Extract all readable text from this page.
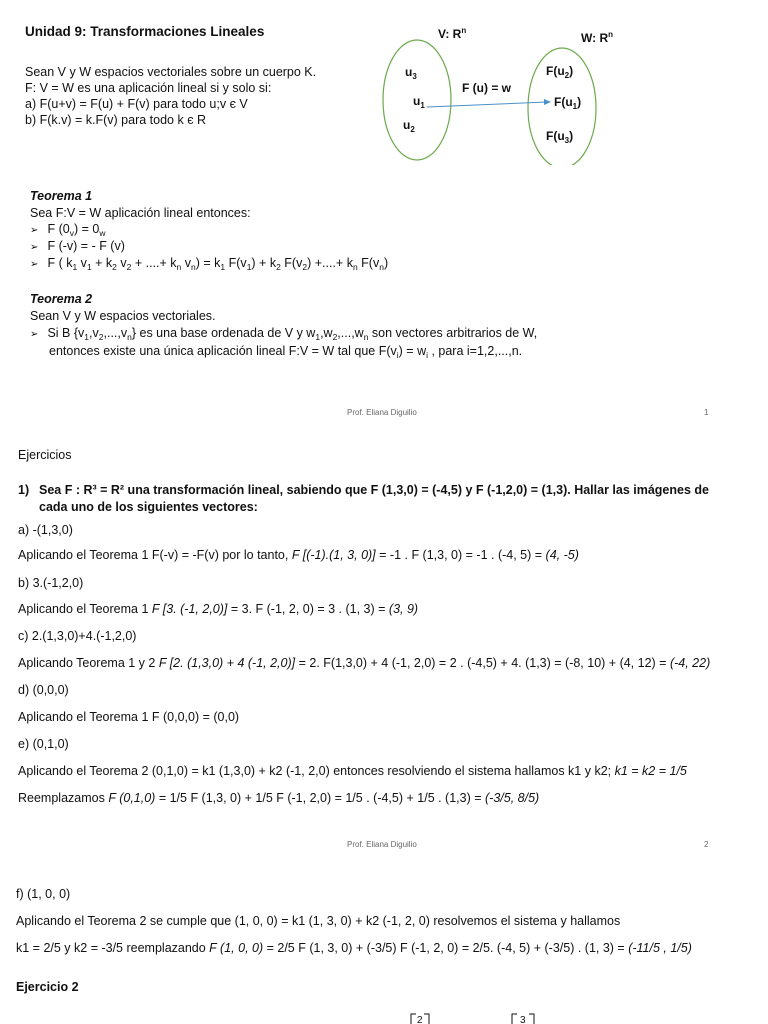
Unidad 9: Transformaciones Lineales
Sean V y W espacios vectoriales sobre un cuerpo K.
F: V = W es una aplicación lineal si y solo si:
a) F(u+v) = F(u) + F(v) para todo u;v є V
b) F(k.v) = k.F(v) para todo k є R
V: $R^n$
W: $R^n$
F (u) = w
$u_3$
$u_1$
$u_2$
$F(u_2)$
$F(u_1)$
$F(u_3)$
Teorema 1
Sea F:V = W aplicación lineal entonces:
➢ F $(0_v) = 0_w$
➢ F (-v) = - F (v)
➢ F ( $k_1$ $v_1 + k_2$ $v_2$ + ....+ $k_n$ $v_n) = k_1$ $F(v_1) + k_2$ $F(v_2)$ +....+ $k_n$ $F(v_n)$
Teorema 2
Sean V y W espacios vectoriales.
➢ Si B $\{v_1,v_2,...,v_n\}$ es una base ordenada de V y $w_1,w_2,...,w_n$ son vectores arbitrarios de W,
entonces existe una única aplicación lineal F:V = W tal que $F(v_i) = w_i$ , para i=1,2,...,n.
Prof. Eliana Diguilio	1
Ejercicios
1) Sea F : R³ = R² una transformación lineal, sabiendo que F (1,3,0) = (-4,5) y F (-1,2,0) = (1,3). Hallar las imágenes de
cada uno de los siguientes vectores:
a) -(1,3,0)
Aplicando el Teorema 1 F(-v) = -F(v) por lo tanto, F [(-1).(1, 3, 0)] = -1 . F (1,3, 0) = -1 . (-4, 5) = (4, -5)
b) 3.(-1,2,0)
Aplicando el Teorema 1 F [3. (-1, 2,0)] = 3. F (-1, 2, 0) = 3 . (1, 3) = (3, 9)
c) 2.(1,3,0)+4.(-1,2,0)
Aplicando Teorema 1 y 2 F [2. (1,3,0) + 4 (-1, 2,0)] = 2. F(1,3,0) + 4 (-1, 2,0) = 2 . (-4,5) + 4. (1,3) = (-8, 10) + (4, 12) = (-4, 22)
d) (0,0,0)
Aplicando el Teorema 1 F (0,0,0) = (0,0)
e) (0,1,0)
Aplicando el Teorema 2 (0,1,0) = k1 (1,3,0) + k2 (-1, 2,0) entonces resolviendo el sistema hallamos k1 y k2; k1 = k2 = 1/5
Reemplazamos F (0,1,0) = 1/5 F (1,3, 0) + 1/5 F (-1, 2,0) = 1/5 . (-4,5) + 1/5 . (1,3) = (-3/5, 8/5)
Prof. Eliana Diguilio	2
f) (1, 0, 0)
Aplicando el Teorema 2 se cumple que (1, 0, 0) = k1 (1, 3, 0) + k2 (-1, 2, 0) resolvemos el sistema y hallamos
k1 = 2/5 y k2 = -3/5 reemplazando F (1, 0, 0) = 2/5 F (1, 3, 0) + (-3/5) F (-1, 2, 0) = 2/5. (-4, 5) + (-3/5) . (1, 3) = (-11/5 , 1/5)
Ejercicio 2
2	3
